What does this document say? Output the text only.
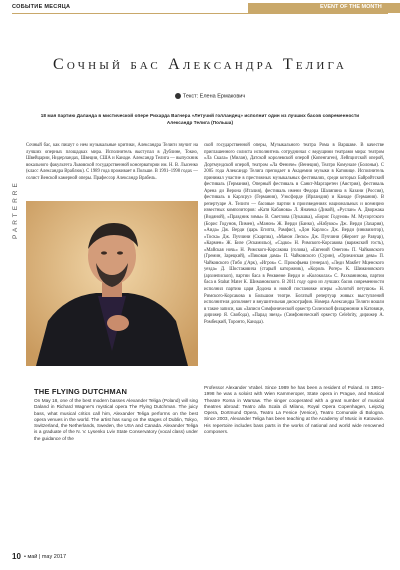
СОБЫТИЕ МЕСЯЦА	EVENT OF THE MONTH
Сочный бас Александра Телига
Текст: Елена Ермакович
18 мая партию Даланда в мистической опере Рихарда Вагнера «Летучий голландец» исполнит один из лучших басов современности Александр Телига (Польша)
PARTERRE
Сочный бас, как пишут о нем музыкальные критики, Александра Телиги звучит на лучших оперных площадках мира. Исполнитель выступал в Дублине, Токио, Швейцарии, Нидерландах, Швеции, США и Канаде. Александр Телига — выпускник вокального факультета Львовской государственной консерватории им. Н. В. Лысенко (класс Александра Враблюк). С 1989 года проживает в Польше. В 1991–1998 годах — солист Венской камерной оперы. Прафессор Александр Врабель.
ской государственной оперы, Музыкального театра Рома в Варшаве. В качестве приглашенного солиста исполнитель сотрудничал с ведущими театрами мира: театром «Ла Скала» (Милан), Датской королевской оперой (Копенгаген), Лейпцигской оперой, Дортмундской оперой, театром «Ла Фениче» (Венеция), Театро Комунале (Болонья). С 2005 года Александр Телига преподает в Академии музыки в Катовице. Исполнитель принимал участие в престижных музыкальных фестивалях, среди которых Байройтский фестиваль (Германия), Оперный фестиваль в Санкт-Маргаретен (Австрия), фестиваль Арена ди Верона (Италия), фестиваль имени Федора Шаляпина в Казани (Россия), фестиваль в Карлсруэ (Германия), Уэксфорде (Ирландия) и Канаде (Германия). В репертуаре А. Телиги — басовые партии в произведениях национальных и всемирно известных композиторов: «Катя Кабанова» Л. Яначека (Дикой), «Руслан» А. Дворжака (Водяной), «Праздник зимы» В. Светлова (Лукашка), «Борис Годунов» М. Мусоргского (Борис Годунов, Пимен), «Манон» Ж. Верди (Банко), «Набукко» Дж. Верди (Захария), «Аида» Дж. Верди (царь Египта, Рамфис), «Дон Карлос» Дж. Верди (инквизитор), «Тоска» Дж. Пуччини (Скарпиа), «Манон Леско» Дж. Пуччини (Жеронт де Равуар), «Кармен» Ж. Бизе (Эскамильо), «Садко» Н. Римского-Корсакова (варяжский гость), «Майская ночь» Н. Римского-Корсакова (голова), «Евгений Онегин» П. Чайковского (Гремин, Зарецкий), «Пиковая дама» П. Чайковского (Сурин), «Орлеанская дева» П. Чайковского (Тибо д'Арк), «Игрок» С. Прокофьева (генерал), «Леди Макбет Мценского уезда» Д. Шостаковича (старый каторжник), «Король Рогер» К. Шимановского (архиепископ), партии баса в Реквиеме Верди и «Колоколах» С. Рахманинова, партии баса в Stabat Mater К. Шимановского. В 2011 году одно из лучших басов современности исполнил партию царя Додона в новой постановке оперы «Золотой петушок» Н. Римского-Корсакова в Большом театре. Богатый репертуар живых выступлений исполнителя дополняет и внушительная дискография. Номера Александра Телиги вошли в такие записи, как «Записи Симфонической оркестр Силезской филармонии в Катовице, дирижер Я. Свобода), «Парад звезд» (Симфонический оркестр Celebrity, дирижер А. Ромбецкий, Торонто, Канада).
THE FLYING DUTCHMAN
On May 18, one of the best modern basses Alexander Teliga (Poland) will sing Daland in Richard Wagner's mystical opera The Flying Dutchman. The juicy bass, what musical critics call him, Alexander Teliga performs on the best opera venues in the world. The artist has sung on the stages of Dublin, Tokyo, Switzerland, the Netherlands, Sweden, the USA and Canada. Alexander Teliga is a graduate of the N. V. Lysenko Lviv State Conservatory (vocal class) under the guidance of the
Professor Alexander Vrabel. Since 1989 he has been a resident of Poland. In 1991–1998 he was a soloist with Wien Kammeroper, State opera in Prague, and Musical Theatre Roma in Warsaw. The singer cooperated with a great number of musical theatres abroad: Teatro alla Scala di Milano, Royal Opera Copenhagen, Leipzig Opera, Dortmund Opera, Teatro La Fenice (Venice), Teatro Comunale di Bologna. Since 2003, Alexander Teliga has been teaching at the Academy of Music in Katowice. His repertoire includes bass parts in the works of national and world wide renowned composers.
10 • май | may 2017
